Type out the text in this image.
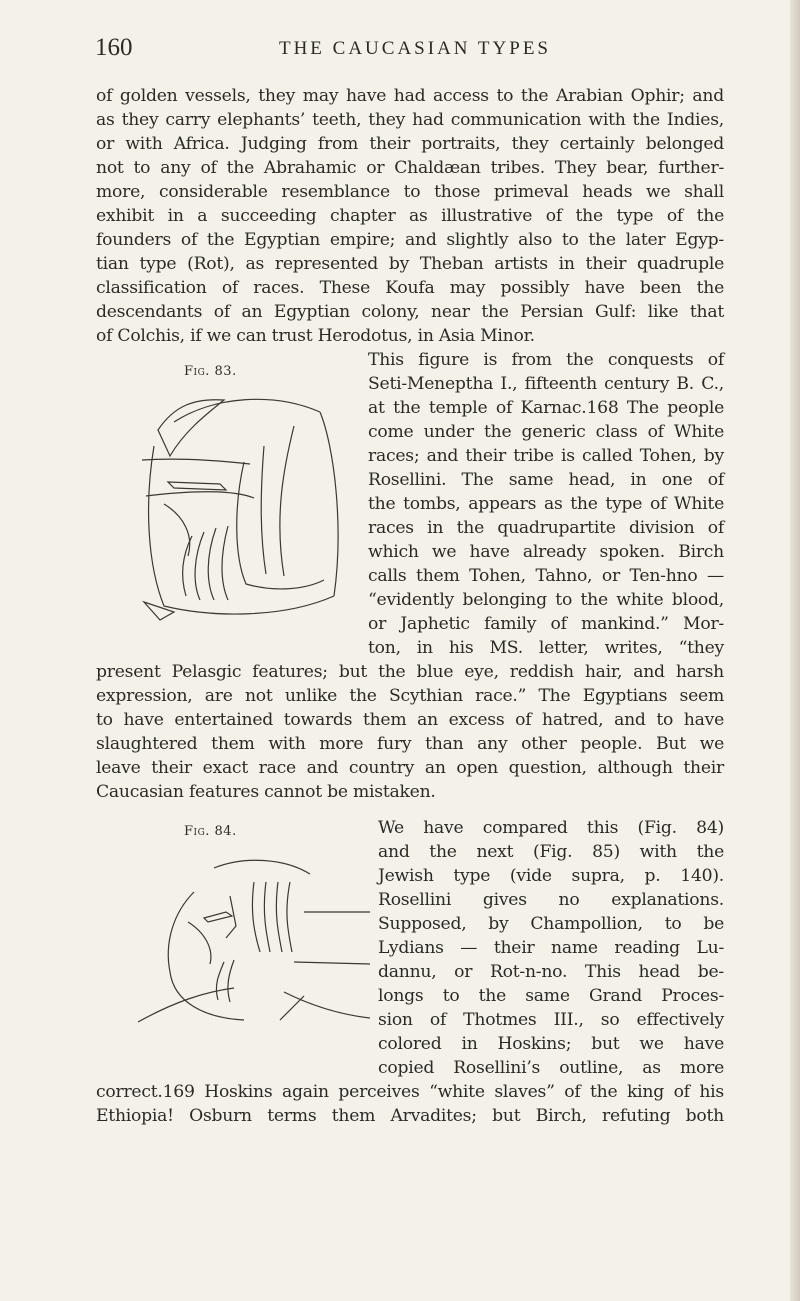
160	THE CAUCASIAN TYPES
of golden vessels, they may have had access to the Arabian Ophir; and
as they carry elephants’ teeth, they had communication with the Indies,
or with Africa. Judging from their portraits, they certainly belonged
not to any of the Abrahamic or Chaldæan tribes. They bear, further-
more, considerable resemblance to those primeval heads we shall
exhibit in a succeeding chapter as illustrative of the type of the
founders of the Egyptian empire; and slightly also to the later Egyp-
tian type (Rot), as represented by Theban artists in their quadruple
classification of races. These Koufa may possibly have been the
descendants of an Egyptian colony, near the Persian Gulf: like that
of Colchis, if we can trust Herodotus, in Asia Minor.
Fig. 83.
This figure is from the conquests of
Seti-Meneptha I., fifteenth century B. C.,
at the temple of Karnac.168 The people
come under the generic class of White
races; and their tribe is called Tohen, by
Rosellini. The same head, in one of
the tombs, appears as the type of White
races in the quadrupartite division of
which we have already spoken. Birch
calls them Tohen, Tahno, or Ten-hno —
“evidently belonging to the white blood,
or Japhetic family of mankind.” Mor-
ton, in his MS. letter, writes, “they
present Pelasgic features; but the blue eye, reddish hair, and harsh
expression, are not unlike the Scythian race.” The Egyptians seem
to have entertained towards them an excess of hatred, and to have
slaughtered them with more fury than any other people. But we
leave their exact race and country an open question, although their
Caucasian features cannot be mistaken.
Fig. 84.	We have compared this (Fig. 84)
and the next (Fig. 85) with the
Jewish type (vide supra, p. 140).
Rosellini gives no explanations.
Supposed, by Champollion, to be
Lydians — their name reading Lu-
dannu, or Rot-n-no. This head be-
longs to the same Grand Proces-
sion of Thotmes III., so effectively
colored in Hoskins; but we have
copied Rosellini’s outline, as more
correct.169 Hoskins again perceives “white slaves” of the king of his
Ethiopia! Osburn terms them Arvadites; but Birch, refuting both
